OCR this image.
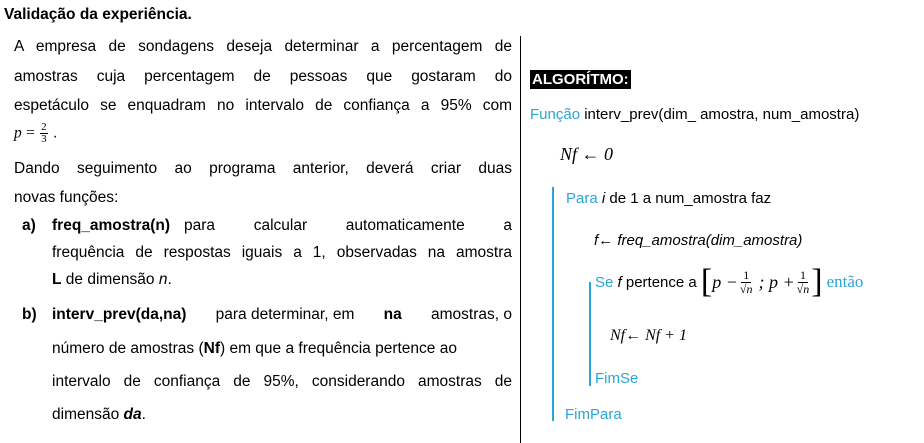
Validação da experiência.
A empresa de sondagens deseja determinar a percentagem de
amostras cuja percentagem de pessoas que gostaram do
espetáculo se enquadram no intervalo de confiança a 95% com
$p = \frac{2}{3}$ .
Dando seguimento ao programa anterior, deverá criar duas
novas funções:
a) freq_amostra(n) para calcular automaticamente a
frequência de respostas iguais a 1, observadas na amostra
L de dimensão n.
b) interv_prev(da,na) para determinar, em na amostras, o
número de amostras (Nf) em que a frequência pertence ao
intervalo de confiança de 95%, considerando amostras de
dimensão da.
ALGORÍTMO:
Função interv_prev(dim_ amostra, num_amostra)
Nf ← 0
Para i de 1 a num_amostra faz
f← freq_amostra(dim_amostra)
Se
f pertence a [ $p - \frac{1}{√n}$ ; $p + \frac{1}{√n}$ ] então
Nf← Nf + 1
FimSe
FimPara
